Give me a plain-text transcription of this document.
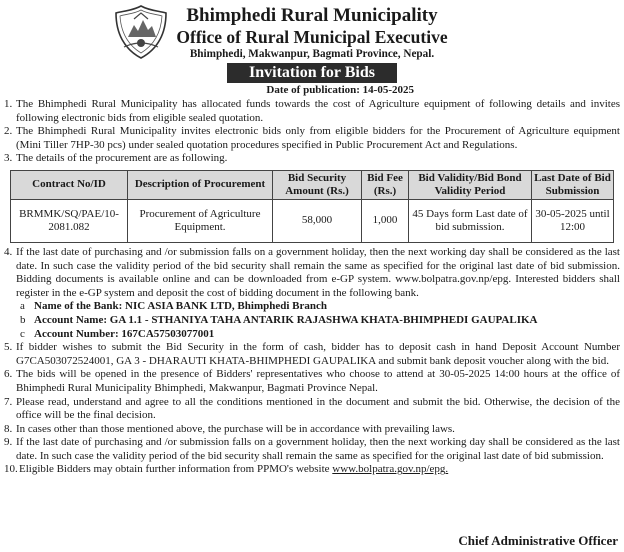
Bhimphedi Rural Municipality
Office of Rural Municipal Executive
Bhimphedi, Makwanpur, Bagmati Province, Nepal.
Invitation for Bids
Date of publication: 14-05-2025
1. The Bhimphedi Rural Municipality has allocated funds towards the cost of Agriculture equipment of following details and invites following electronic bids from eligible sealed quotation.
2. The Bhimphedi Rural Municipality invites electronic bids only from eligible bidders for the Procurement of Agriculture equipment (Mini Tiller 7HP-30 pcs) under sealed quotation procedures specified in Public Procurement Act and Regulations.
3. The details of the procurement are as following.
Contract No/ID	Description of Procurement	Bid Security Amount (Rs.)	Bid Fee (Rs.)	Bid Validity/Bid Bond Validity Period	Last Date of Bid Submission
BRMMK/SQ/PAE/10-2081.082	Procurement of Agriculture Equipment.	58,000	1,000	45 Days form Last date of bid submission.	30-05-2025 until 12:00
4. If the last date of purchasing and /or submission falls on a government holiday, then the next working day shall be considered as the last date. In such case the validity period of the bid security shall remain the same as specified for the original last date of bid submission. Bidding documents is available online and can be downloaded from e-GP system. www.bolpatra.gov.np/epg. Interested bidders shall register in the e-GP system and deposit the cost of bidding document in the following bank.
a Name of the Bank: NIC ASIA BANK LTD, Bhimphedi Branch
b Account Name: GA 1.1 - STHANIYA TAHA ANTARIK RAJASHWA KHATA-BHIMPHEDI GAUPALIKA
c Account Number: 167CA57503077001
5. If bidder wishes to submit the Bid Security in the form of cash, bidder has to deposit cash in hand Deposit Account Number G7CA503072524001, GA 3 - DHARAUTI KHATA-BHIMPHEDI GAUPALIKA and submit bank deposit voucher along with the bid.
6. The bids will be opened in the presence of Bidders' representatives who choose to attend at 30-05-2025 14:00 hours at the office of Bhimphedi Rural Municipality Bhimphedi, Makwanpur, Bagmati Province Nepal.
7. Please read, understand and agree to all the conditions mentioned in the document and submit the bid. Otherwise, the decision of the office will be the final decision.
8. In cases other than those mentioned above, the purchase will be in accordance with prevailing laws.
9. If the last date of purchasing and /or submission falls on a government holiday, then the next working day shall be considered as the last date. In such case the validity period of the bid security shall remain the same as specified for the original last date of bid submission.
10. Eligible Bidders may obtain further information from PPMO's website www.bolpatra.gov.np/epg.
Chief Administrative Officer
